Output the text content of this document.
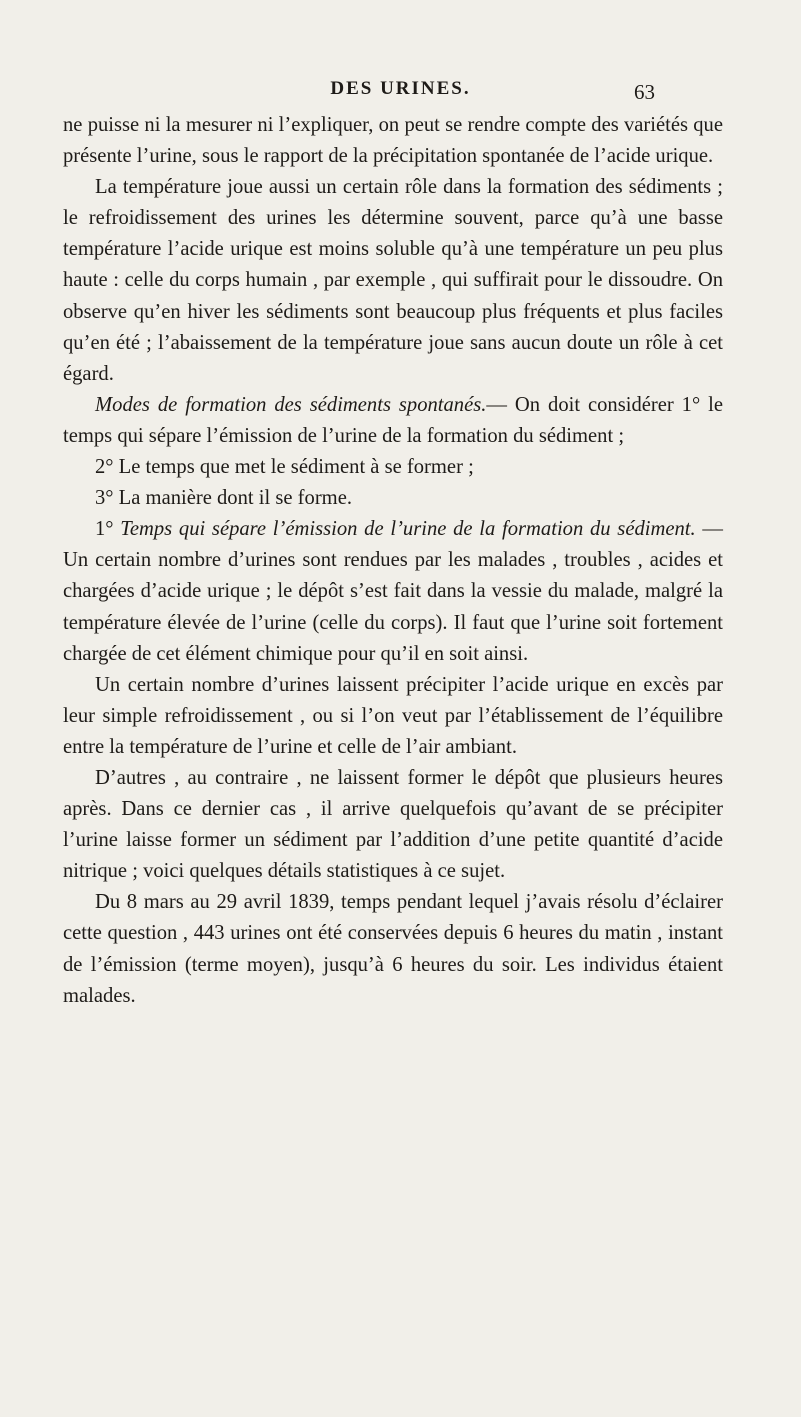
DES URINES.	63

ne puisse ni la mesurer ni l’expliquer, on peut se rendre compte des variétés que présente l’urine, sous le rapport de la précipitation spontanée de l’acide urique.

La température joue aussi un certain rôle dans la formation des sédiments ; le refroidissement des urines les détermine souvent, parce qu’à une basse température l’acide urique est moins soluble qu’à une température un peu plus haute : celle du corps humain , par exemple , qui suffirait pour le dissoudre. On observe qu’en hiver les sédiments sont beaucoup plus fréquents et plus faciles qu’en été ; l’abaissement de la température joue sans aucun doute un rôle à cet égard.

Modes de formation des sédiments spontanés.— On doit considérer 1° le temps qui sépare l’émission de l’urine de la formation du sédiment ;

2° Le temps que met le sédiment à se former ;

3° La manière dont il se forme.

1° Temps qui sépare l’émission de l’urine de la formation du sédiment. — Un certain nombre d’urines sont rendues par les malades , troubles , acides et chargées d’acide urique ; le dépôt s’est fait dans la vessie du malade, malgré la température élevée de l’urine (celle du corps). Il faut que l’urine soit fortement chargée de cet élément chimique pour qu’il en soit ainsi.

Un certain nombre d’urines laissent précipiter l’acide urique en excès par leur simple refroidissement , ou si l’on veut par l’établissement de l’équilibre entre la température de l’urine et celle de l’air ambiant.

D’autres , au contraire , ne laissent former le dépôt que plusieurs heures après. Dans ce dernier cas , il arrive quelquefois qu’avant de se précipiter l’urine laisse former un sédiment par l’addition d’une petite quantité d’acide nitrique ; voici quelques détails statistiques à ce sujet.

Du 8 mars au 29 avril 1839, temps pendant lequel j’avais résolu d’éclairer cette question , 443 urines ont été conservées depuis 6 heures du matin , instant de l’émission (terme moyen), jusqu’à 6 heures du soir. Les individus étaient malades.
